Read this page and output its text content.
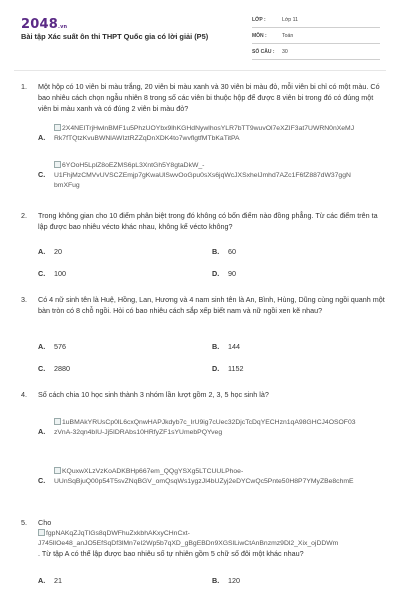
2048.vn
Bài tập Xác suất ôn thi THPT Quốc gia có lời giải (P5)
LỚP :	Lớp 11
MÔN :	Toán
SỐ CÂU :	30
1. Một hộp có 10 viên bi màu trắng, 20 viên bi màu xanh và 30 viên bi màu đỏ, mỗi viên bi chỉ có một màu. Có bao nhiêu cách chọn ngẫu nhiên 8 trong số các viên bi thuộc hộp để được 8 viên bi trong đó có đúng một viên bi màu xanh và có đúng 2 viên bi màu đỏ?
A.
2X4NEITrjHwlnBMF1u5PhzUOYbx9lhKGHdNywlhosYLR7bTT9wuvOl7eXZIF3at7UWRN0nXeMJ
Rk7fTQtzKvuBWNlAWIztRZZqDnXDK4to7wvflgtfMTbKaTitPA
C.
6YOoH5LplZ8oEZMS6pL3XntGh5Y8gtaDkW_-
U1FhjMzCMVvUVSCZEmjp7gKwaUlSwvOoGpu0sXs6jqWcJXSxhelJmhd7AZc1F6fZ887dW37ggN
bmXFug
2. Trong không gian cho 10 điểm phân biệt trong đó không có bốn điểm nào đồng phẳng. Từ các điểm trên ta lập được bao nhiêu vécto khác nhau, không kể vécto không?
A.	20	B.	60
C.	100	D.	90
3. Có 4 nữ sinh tên là Huệ, Hồng, Lan, Hương và 4 nam sinh tên là An, Bình, Hùng, Dũng cùng ngồi quanh một bàn tròn có 8 chỗ ngồi. Hỏi có bao nhiêu cách sắp xếp biết nam và nữ ngồi xen kẽ nhau?
A.	576	B.	144
C.	2880	D.	1152
4. Số cách chia 10 học sinh thành 3 nhóm lần lượt gồm 2, 3, 5 học sinh là?
A.
1uBMAkYRUsCp0lL6cxQnwHAPJkdyb7c_IrU9ig7cUec32DjcTcDqYECHzn1qA98GHCJ4OSOF03
zVnA-32qn4bIU-Jj5IDRAbs10HRfyZF1sYUmebPQYveg
C.
KQuxwXLzVzKoADKBHp667em_QQgYSXg5LTCUULPhoe-
UUnSqBjuQ00p54T5svZNqBGV_omQsqWs1ygzJI4bUZyj2eDYCwQc5Pnte50H8P7YMyZBe8chmE
5. Cho
fgpNAKqZJqTlGs8qDWFhuZxkbhAKxyCHnCxt-
J745lIOe48_anJO5EfSqDf3lMn7eI2Wp5b7qXD_gBgEBDn9XGSlLiwCtAnBnzmz9Dl2_Xix_ojDDWm
. Từ tập A có thể lập được bao nhiêu số tự nhiên gồm 5 chữ số đôi một khác nhau?
A.	21	B.	120
